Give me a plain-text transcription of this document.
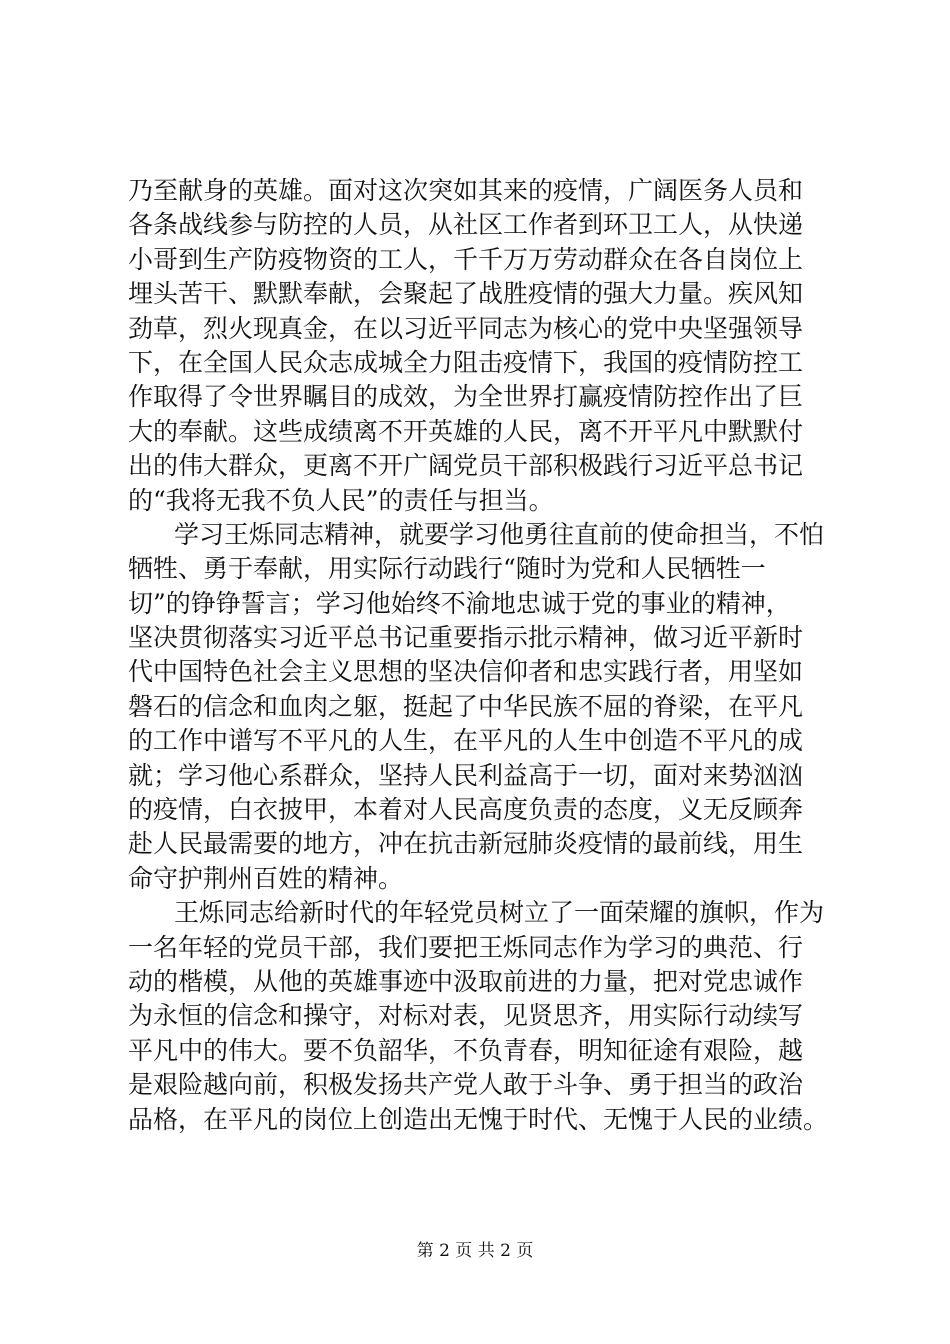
乃至献身的英雄。面对这次突如其来的疫情，广阔医务人员和
各条战线参与防控的人员，从社区工作者到环卫工人，从快递
小哥到生产防疫物资的工人，千千万万劳动群众在各自岗位上
埋头苦干、默默奉献，会聚起了战胜疫情的强大力量。疾风知
劲草，烈火现真金，在以习近平同志为核心的党中央坚强领导
下，在全国人民众志成城全力阻击疫情下，我国的疫情防控工
作取得了令世界瞩目的成效，为全世界打赢疫情防控作出了巨
大的奉献。这些成绩离不开英雄的人民，离不开平凡中默默付
出的伟大群众，更离不开广阔党员干部积极践行习近平总书记
的“我将无我不负人民”的责任与担当。
学习王烁同志精神，就要学习他勇往直前的使命担当，不怕
牺牲、勇于奉献，用实际行动践行“随时为党和人民牺牲一
切”的铮铮誓言；学习他始终不渝地忠诚于党的事业的精神，
坚决贯彻落实习近平总书记重要指示批示精神，做习近平新时
代中国特色社会主义思想的坚决信仰者和忠实践行者，用坚如
磐石的信念和血肉之躯，挺起了中华民族不屈的脊梁，在平凡
的工作中谱写不平凡的人生，在平凡的人生中创造不平凡的成
就；学习他心系群众，坚持人民利益高于一切，面对来势汹汹
的疫情，白衣披甲，本着对人民高度负责的态度，义无反顾奔
赴人民最需要的地方，冲在抗击新冠肺炎疫情的最前线，用生
命守护荆州百姓的精神。
王烁同志给新时代的年轻党员树立了一面荣耀的旗帜，作为
一名年轻的党员干部，我们要把王烁同志作为学习的典范、行
动的楷模，从他的英雄事迹中汲取前进的力量，把对党忠诚作
为永恒的信念和操守，对标对表，见贤思齐，用实际行动续写
平凡中的伟大。要不负韶华，不负青春，明知征途有艰险，越
是艰险越向前，积极发扬共产党人敢于斗争、勇于担当的政治
品格，在平凡的岗位上创造出无愧于时代、无愧于人民的业绩。
第 2 页 共 2 页
